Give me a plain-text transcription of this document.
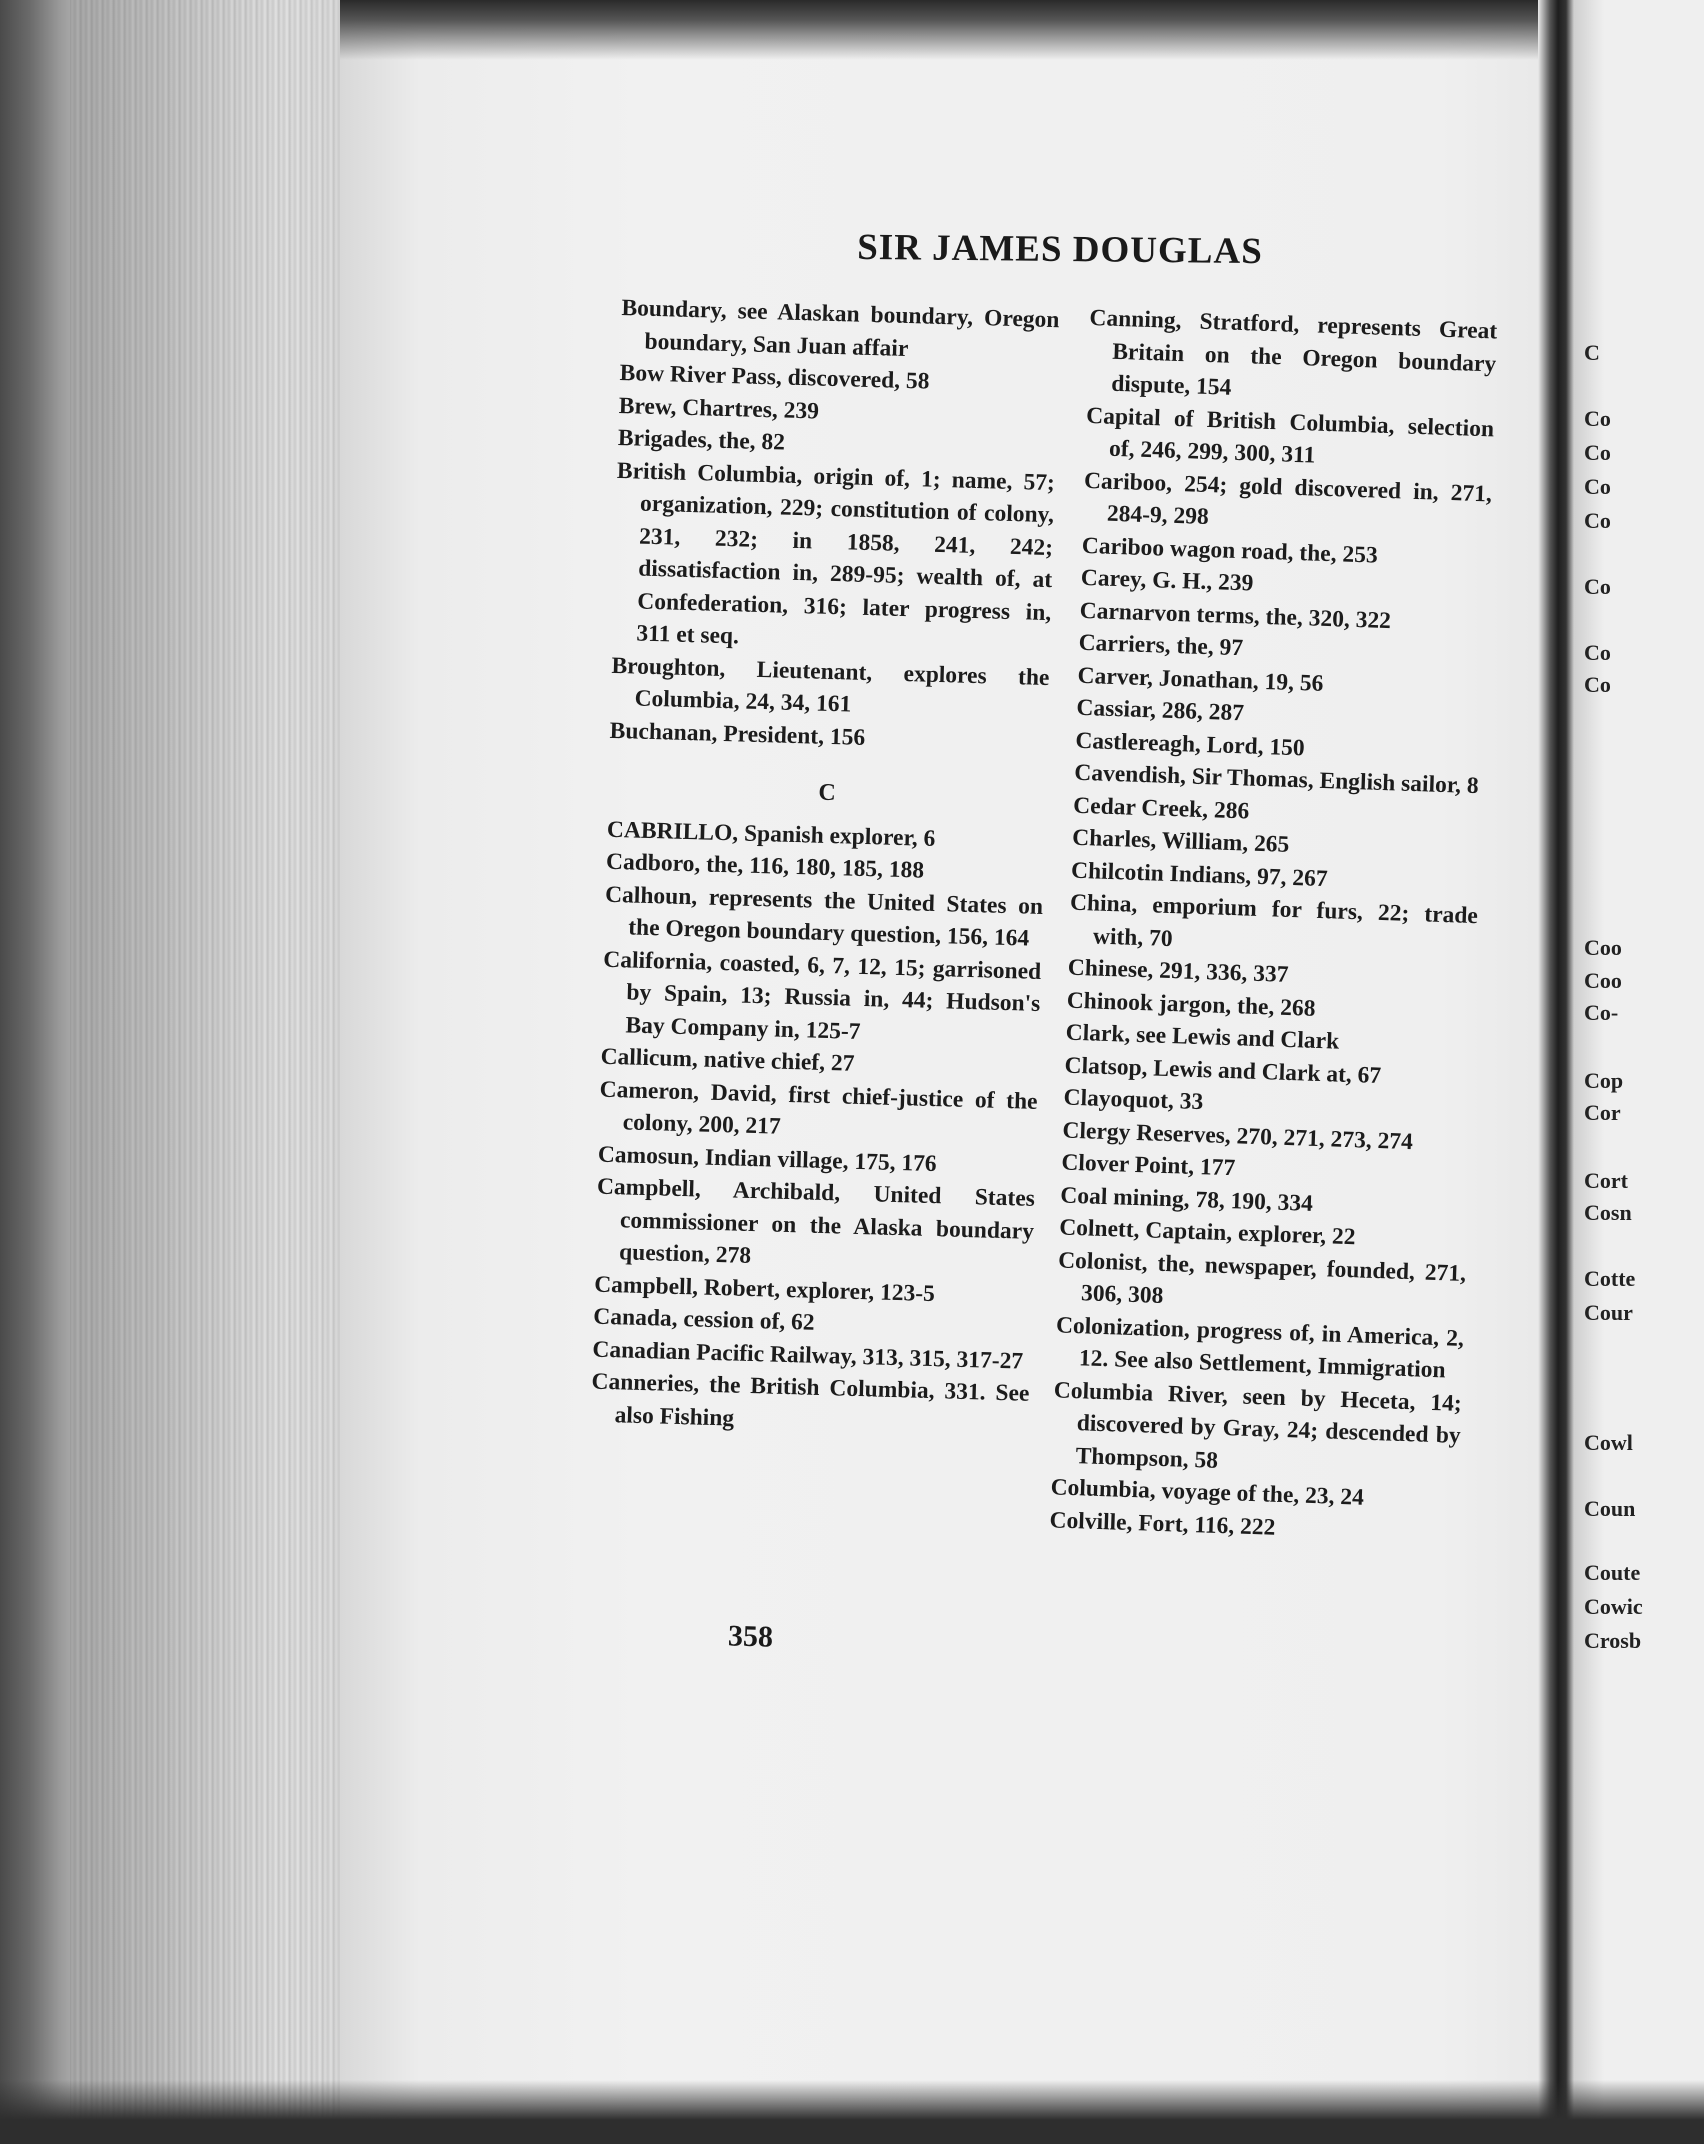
SIR JAMES DOUGLAS

Boundary, see Alaskan boundary, Oregon boundary, San Juan affair

Bow River Pass, discovered, 58

Brew, Chartres, 239

Brigades, the, 82

British Columbia, origin of, 1; name, 57; organization, 229; constitution of colony, 231, 232; in 1858, 241, 242; dissatisfaction in, 289-95; wealth of, at Confederation, 316; later progress in, 311 et seq.

Broughton, Lieutenant, explores the Columbia, 24, 34, 161

Buchanan, President, 156

C

CABRILLO, Spanish explorer, 6

Cadboro, the, 116, 180, 185, 188

Calhoun, represents the United States on the Oregon boundary question, 156, 164

California, coasted, 6, 7, 12, 15; garrisoned by Spain, 13; Russia in, 44; Hudson's Bay Company in, 125-7

Callicum, native chief, 27

Cameron, David, first chief-justice of the colony, 200, 217

Camosun, Indian village, 175, 176

Campbell, Archibald, United States commissioner on the Alaska boundary question, 278

Campbell, Robert, explorer, 123-5

Canada, cession of, 62

Canadian Pacific Railway, 313, 315, 317-27

Canneries, the British Columbia, 331. See also Fishing

Canning, Stratford, represents Great Britain on the Oregon boundary dispute, 154

Capital of British Columbia, selection of, 246, 299, 300, 311

Cariboo, 254; gold discovered in, 271, 284-9, 298

Cariboo wagon road, the, 253

Carey, G. H., 239

Carnarvon terms, the, 320, 322

Carriers, the, 97

Carver, Jonathan, 19, 56

Cassiar, 286, 287

Castlereagh, Lord, 150

Cavendish, Sir Thomas, English sailor, 8

Cedar Creek, 286

Charles, William, 265

Chilcotin Indians, 97, 267

China, emporium for furs, 22; trade with, 70

Chinese, 291, 336, 337

Chinook jargon, the, 268

Clark, see Lewis and Clark

Clatsop, Lewis and Clark at, 67

Clayoquot, 33

Clergy Reserves, 270, 271, 273, 274

Clover Point, 177

Coal mining, 78, 190, 334

Colnett, Captain, explorer, 22

Colonist, the, newspaper, founded, 271, 306, 308

Colonization, progress of, in America, 2, 12. See also Settlement, Immigration

Columbia River, seen by Heceta, 14; discovered by Gray, 24; descended by Thompson, 58

Columbia, voyage of the, 23, 24

Colville, Fort, 116, 222

358
C
Co
Co
Co
Co
Co
Co
Co
Coo
Coo
Co-
Cop
Cor
Cort
Cosn
Cotte
Cour
Cowl
Coun
Coute
Cowic
Crosb
